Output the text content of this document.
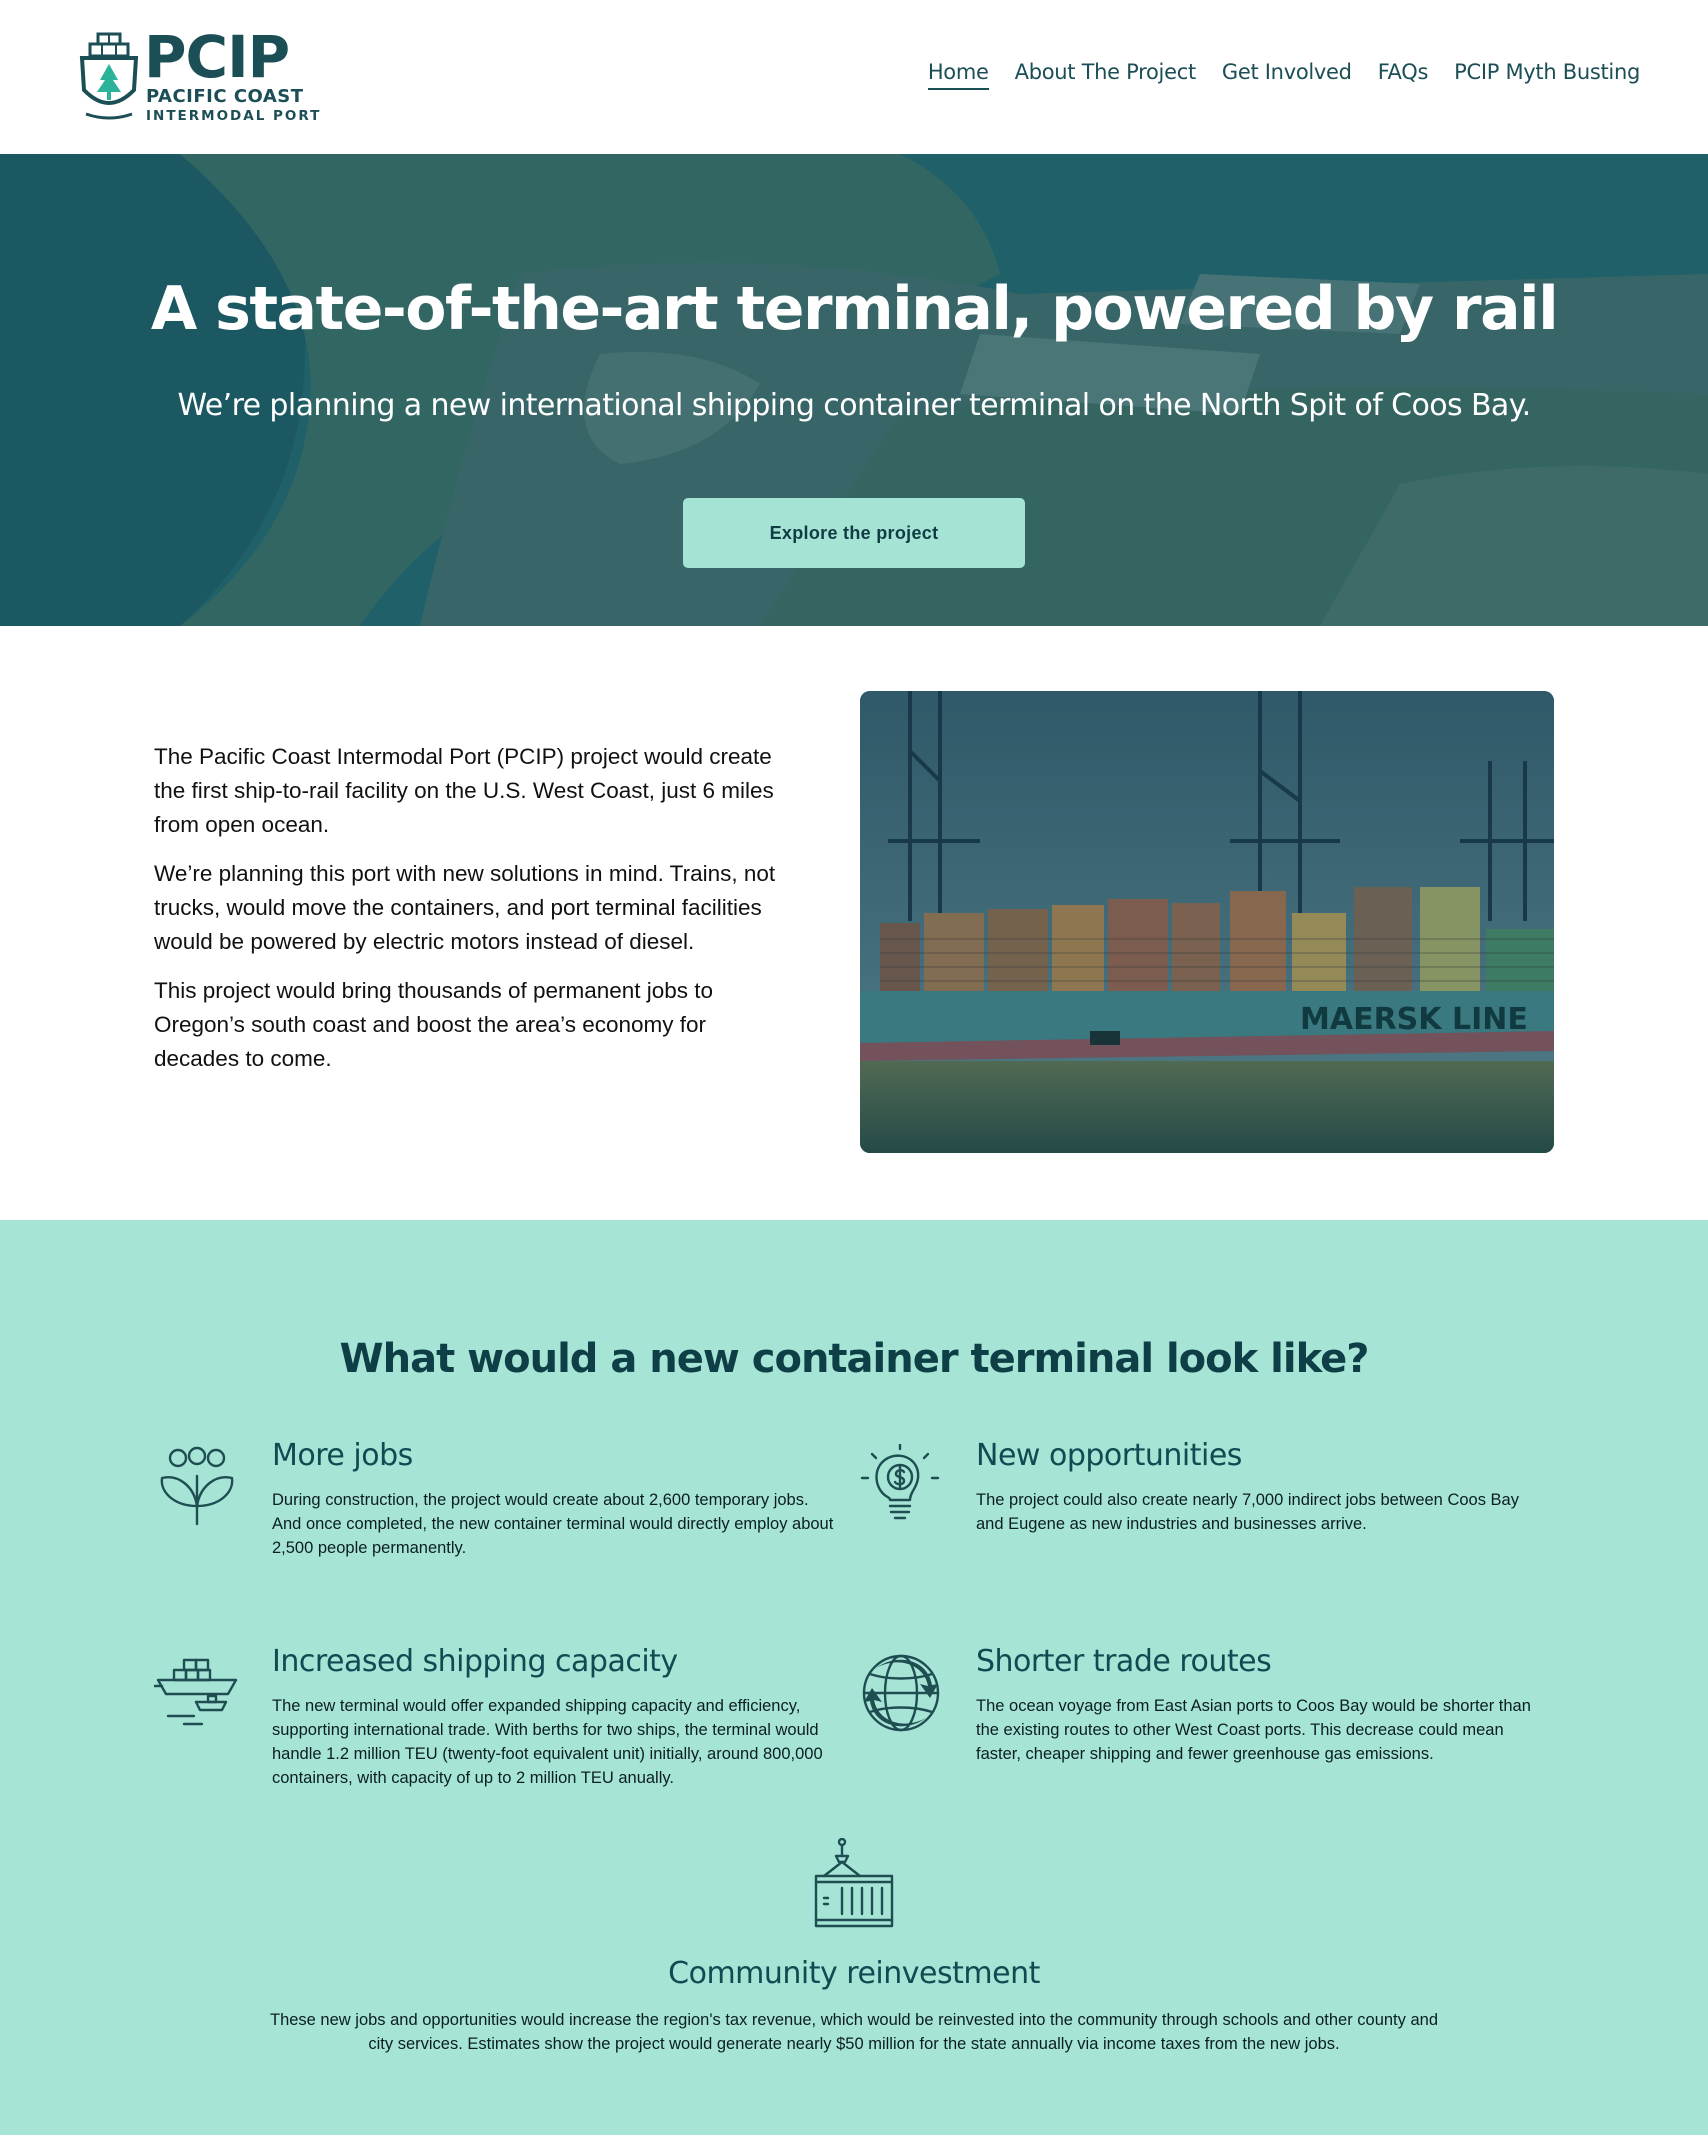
PCIP
PACIFIC COAST
INTERMODAL PORT
Home About The Project Get Involved FAQs PCIP Myth Busting
A state-of-the-art terminal, powered by rail

We’re planning a new international shipping container terminal on the North Spit of Coos Bay.

Explore the project

The Pacific Coast Intermodal Port (PCIP) project would create the first ship-to-rail facility on the U.S. West Coast, just 6 miles from open ocean.

We’re planning this port with new solutions in mind. Trains, not trucks, would move the containers, and port terminal facilities would be powered by electric motors instead of diesel.

This project would bring thousands of permanent jobs to Oregon’s south coast and boost the area’s economy for decades to come.

MAERSK LINE
What would a new container terminal look like?
More jobs
During construction, the project would create about 2,600 temporary jobs. And once completed, the new container terminal would directly employ about 2,500 people permanently.
New opportunities
The project could also create nearly 7,000 indirect jobs between Coos Bay and Eugene as new industries and businesses arrive.
Increased shipping capacity
The new terminal would offer expanded shipping capacity and efficiency, supporting international trade. With berths for two ships, the terminal would handle 1.2 million TEU (twenty-foot equivalent unit) initially, around 800,000 containers, with capacity of up to 2 million TEU anually.
Shorter trade routes
The ocean voyage from East Asian ports to Coos Bay would be shorter than the existing routes to other West Coast ports. This decrease could mean faster, cheaper shipping and fewer greenhouse gas emissions.
Community reinvestment
These new jobs and opportunities would increase the region's tax revenue, which would be reinvested into the community through schools and other county and city services. Estimates show the project would generate nearly $50 million for the state annually via income taxes from the new jobs.
